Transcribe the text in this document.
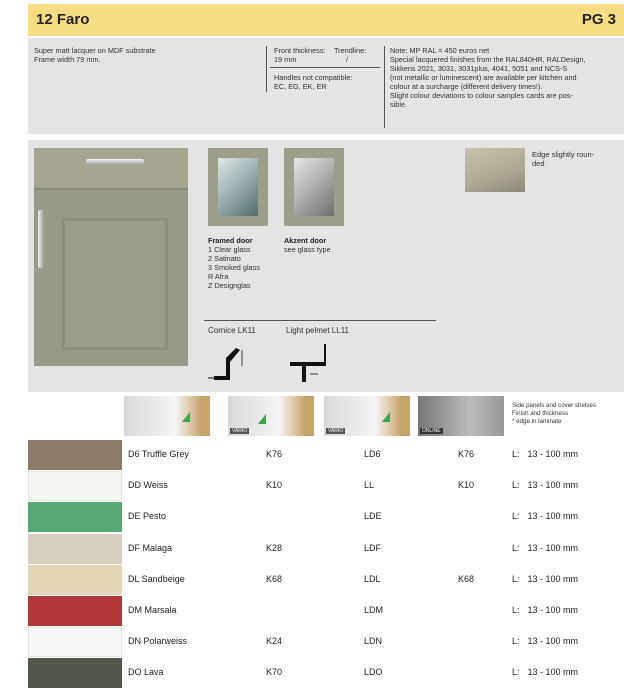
12 Faro	PG 3
Super matt lacquer on MDF substrate
Frame width 79 mm.
Front thickness:
19 mm
Trendline:
/
Handles not compatible:
EC, EG, EK, ER
Note: MP RAL = 450 euros net
Special lacquered finishes from the RAL840HR, RALDesign,
Sikkens 2021, 3031, 3031plus, 4041, 5051 and NCS-S
(not metallic or luminescent) are available per kitchen and
colour at a surcharge (different delivery times!).
Slight colour deviations to colour samples cards are pos-
sible.
Framed door
1 Clear glass
2 Satinato
3 Smoked glass
R Afra
Z Designglas
Akzent door
see glass type
Cornice LK11	Light pelmet LL11
Edge slightly roun-
ded
VARIO	VARIO	ONLINE
Side panels and cover shelves
Finish and thickness
* edge in laminate
D6 Truffle Grey	K76	LD6	K76	L: 13 - 100 mm
DD Weiss	K10	LL	K10	L: 13 - 100 mm
DE Pesto	LDE	L: 13 - 100 mm
DF Malaga	K28	LDF	L: 13 - 100 mm
DL Sandbeige	K68	LDL	K68	L: 13 - 100 mm
DM Marsala	LDM	L: 13 - 100 mm
DN Polarweiss	K24	LDN	L: 13 - 100 mm
DO Lava	K70	LDO	L: 13 - 100 mm
